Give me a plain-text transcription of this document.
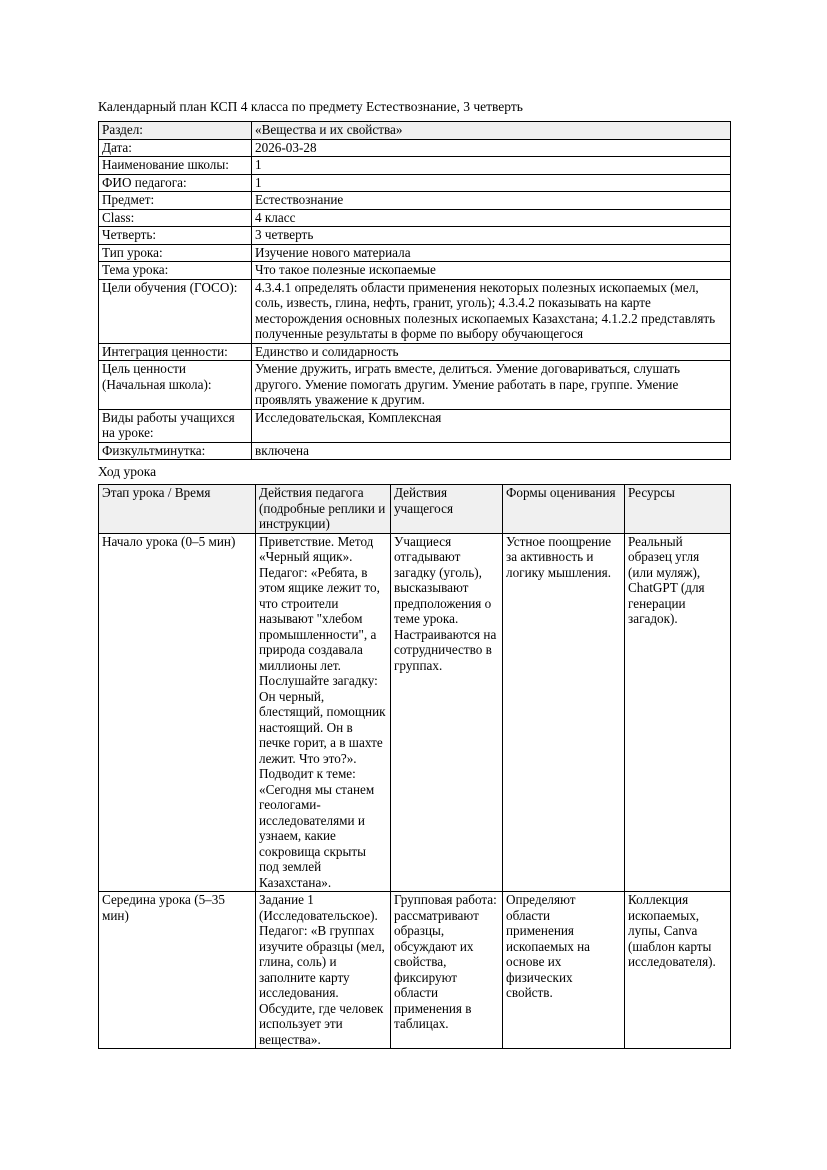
Календарный план КСП 4 класса по предмету Естествознание, 3 четверть

Раздел:	«Вещества и их свойства»
Дата:	2026-03-28
Наименование школы:	1
ФИО педагога:	1
Предмет:	Естествознание
Class:	4 класс
Четверть:	3 четверть
Тип урока:	Изучение нового материала
Тема урока:	Что такое полезные ископаемые
Цели обучения (ГОСО):	4.3.4.1 определять области применения некоторых полезных ископаемых (мел, соль, известь, глина, нефть, гранит, уголь); 4.3.4.2 показывать на карте месторождения основных полезных ископаемых Казахстана; 4.1.2.2 представлять полученные результаты в форме по выбору обучающегося
Интеграция ценности:	Единство и солидарность
Цель ценности (Начальная школа):	Умение дружить, играть вместе, делиться. Умение договариваться, слушать другого. Умение помогать другим. Умение работать в паре, группе. Умение проявлять уважение к другим.
Виды работы учащихся на уроке:	Исследовательская, Комплексная
Физкультминутка:	включена

Ход урока

Этап урока / Время	Действия педагога (подробные реплики и инструкции)	Действия учащегося	Формы оценивания	Ресурсы
Начало урока (0–5 мин)	Приветствие. Метод «Черный ящик». Педагог: «Ребята, в этом ящике лежит то, что строители называют "хлебом промышленности", а природа создавала миллионы лет. Послушайте загадку: Он черный, блестящий, помощник настоящий. Он в печке горит, а в шахте лежит. Что это?». Подводит к теме: «Сегодня мы станем геологами-исследователями и узнаем, какие сокровища скрыты под землей Казахстана».	Учащиеся отгадывают загадку (уголь), высказывают предположения о теме урока. Настраиваются на сотрудничество в группах.	Устное поощрение за активность и логику мышления.	Реальный образец угля (или муляж), ChatGPT (для генерации загадок).
Середина урока (5–35 мин)	Задание 1 (Исследовательское). Педагог: «В группах изучите образцы (мел, глина, соль) и заполните карту исследования. Обсудите, где человек использует эти вещества».	Групповая работа: рассматривают образцы, обсуждают их свойства, фиксируют области применения в таблицах.	Определяют области применения ископаемых на основе их физических свойств.	Коллекция ископаемых, лупы, Canva (шаблон карты исследователя).
